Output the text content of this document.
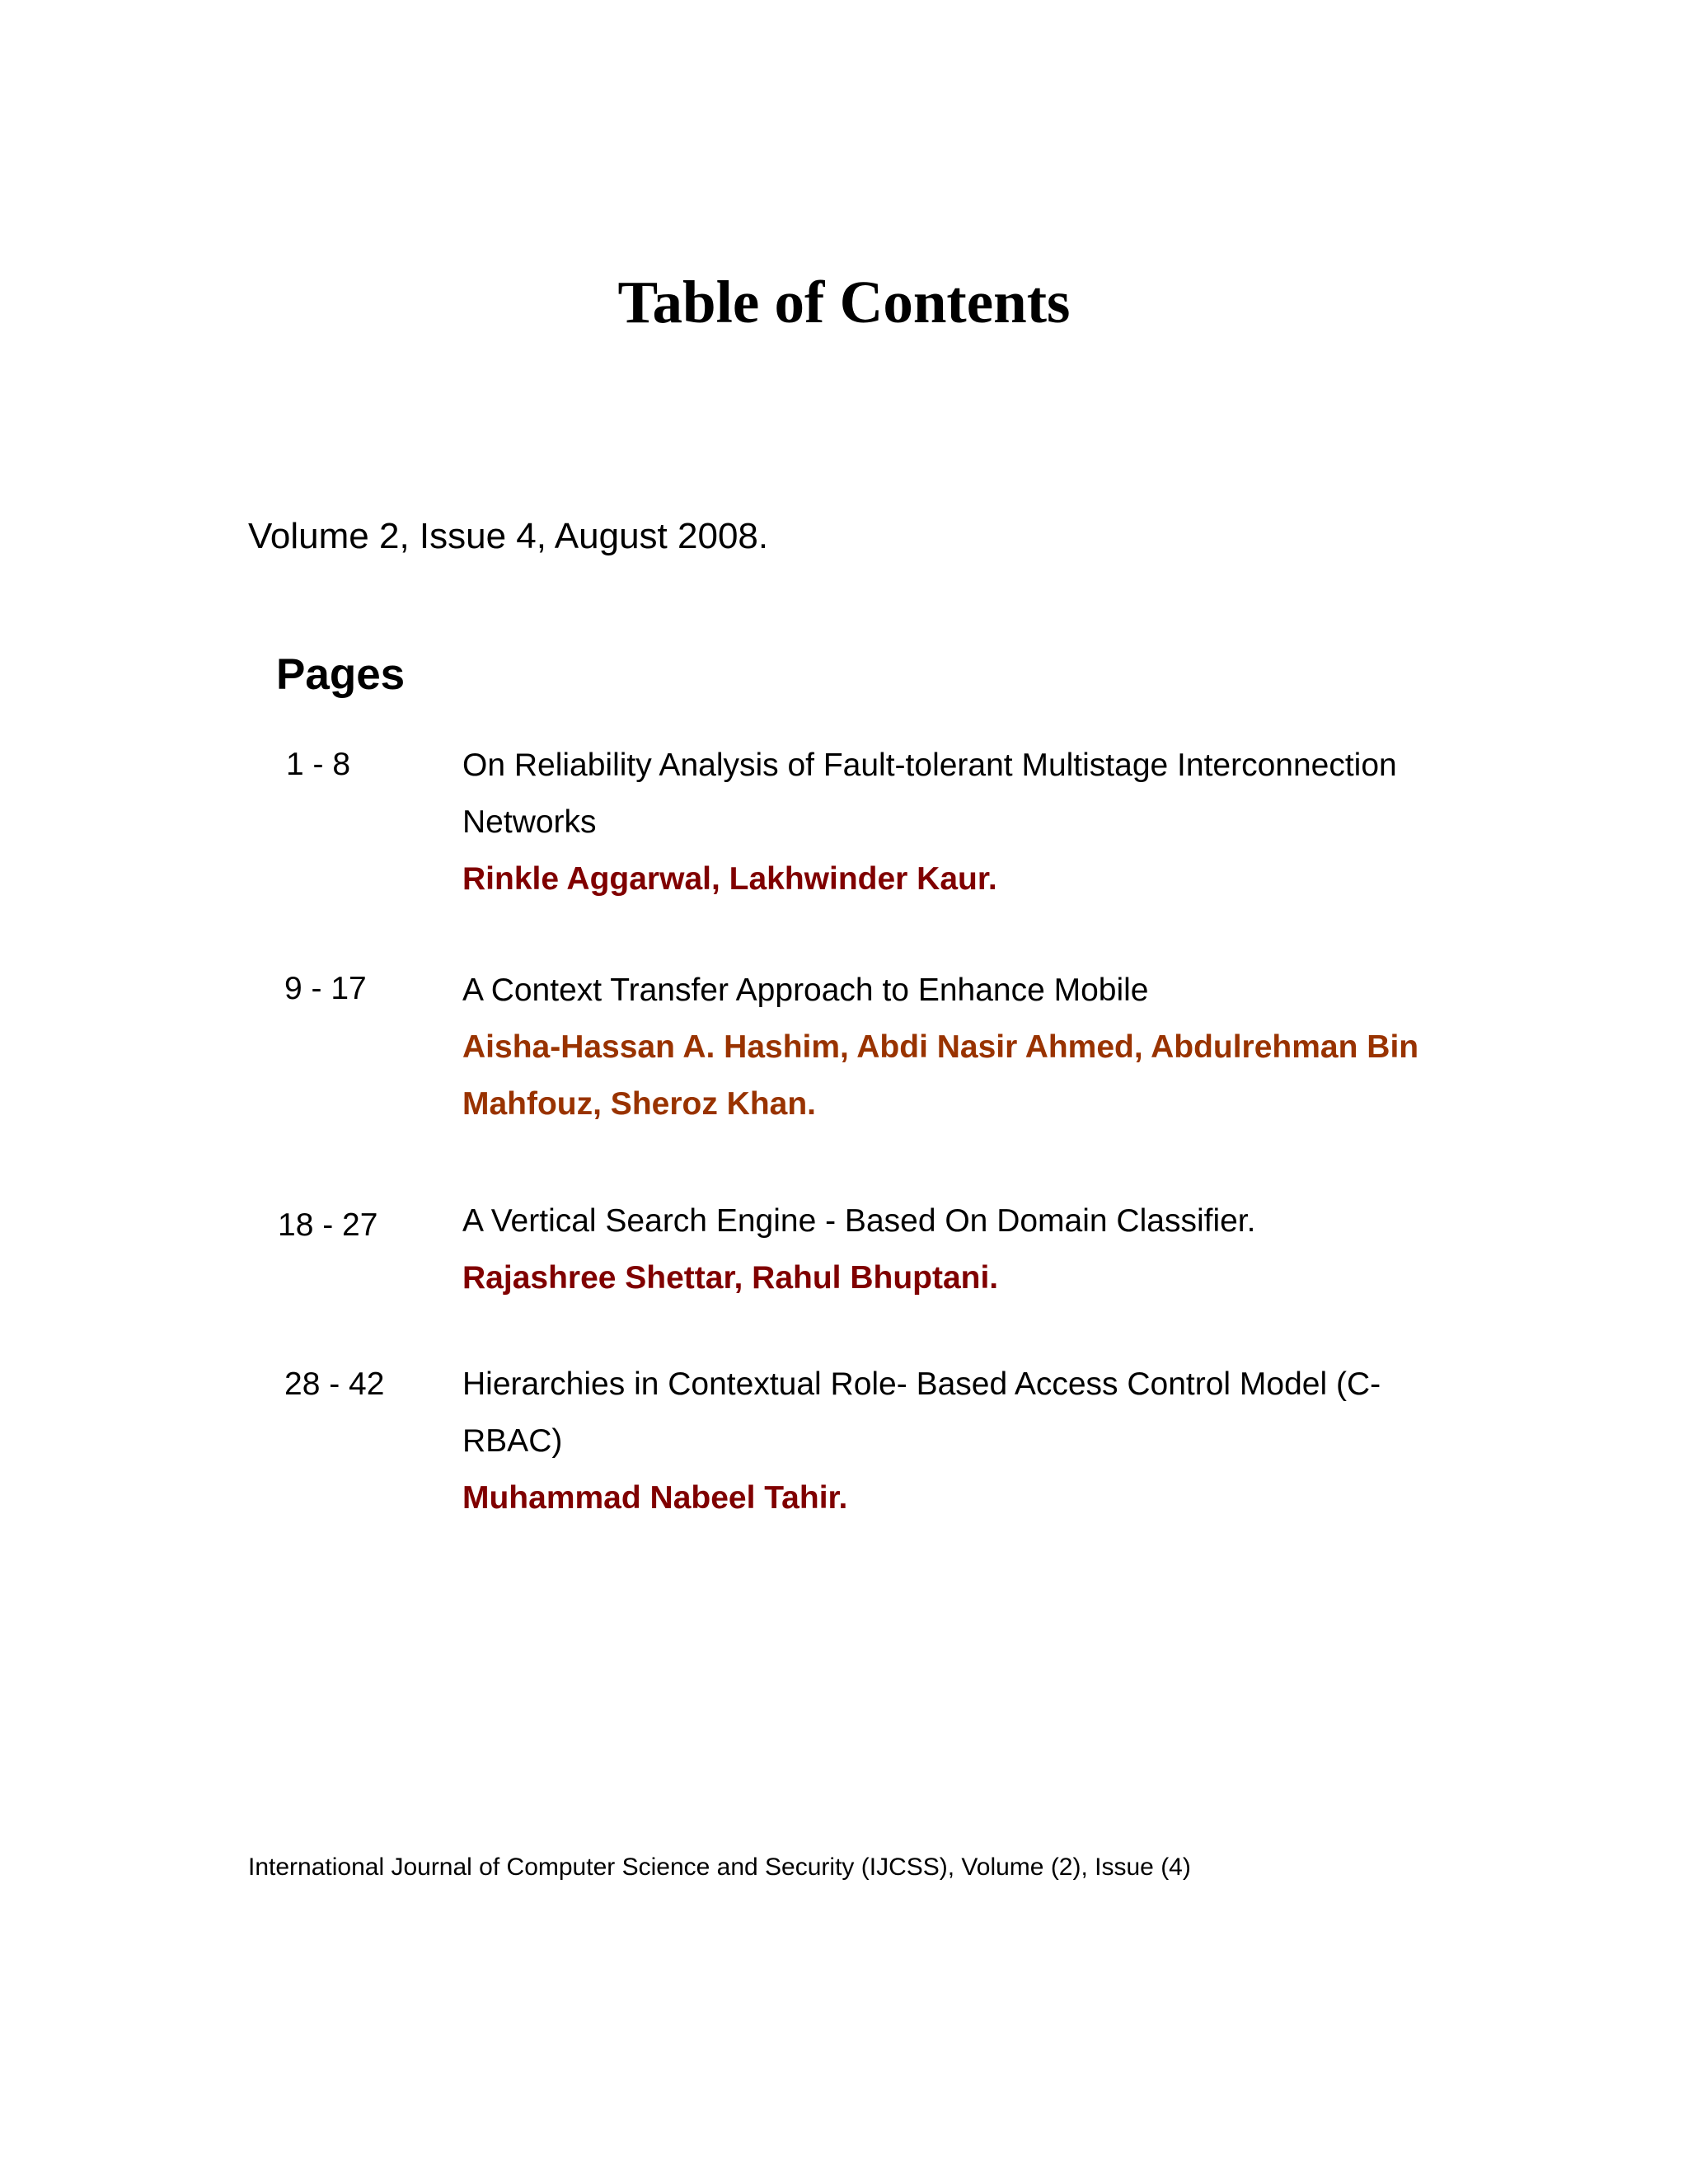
Table of Contents

Volume 2, Issue 4, August 2008.

Pages
1 - 8	On Reliability Analysis of Fault-tolerant Multistage Interconnection Networks

Rinkle Aggarwal, Lakhwinder Kaur.

9 - 17	A Context Transfer Approach to Enhance Mobile

Aisha-Hassan A. Hashim, Abdi Nasir Ahmed, Abdulrehman Bin Mahfouz, Sheroz Khan.

18 - 27	A Vertical Search Engine - Based On Domain Classifier.

Rajashree Shettar, Rahul Bhuptani.

28 - 42 Hierarchies in Contextual Role- Based Access Control Model (C-RBAC)

Muhammad Nabeel Tahir.

International Journal of Computer Science and Security (IJCSS), Volume (2), Issue (4)
